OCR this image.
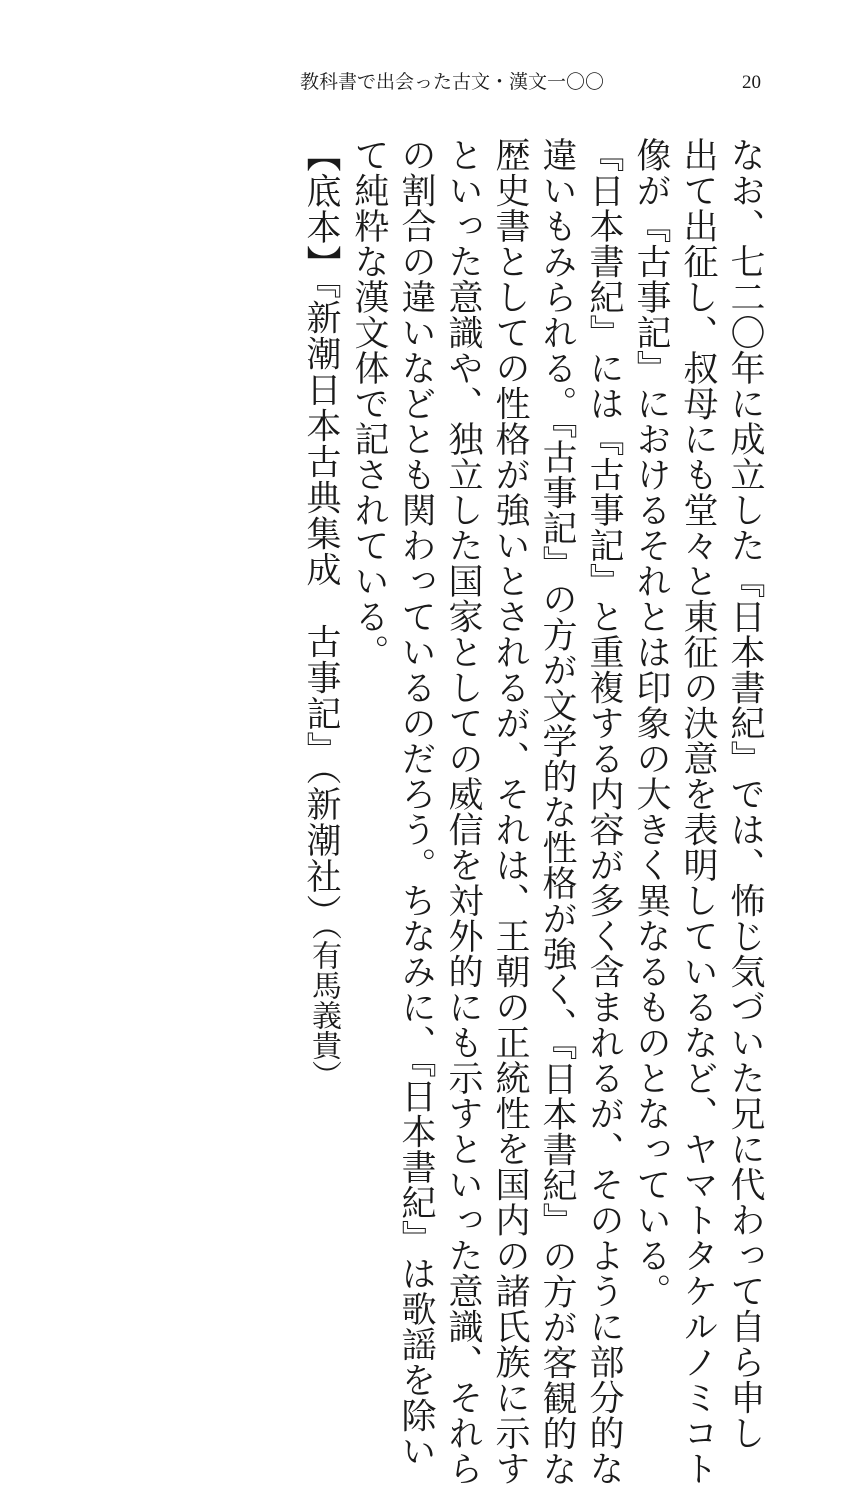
教科書で出会った古文・漢文一〇〇	20
なお、七二〇年に成立した『日本書紀』では、怖じ気づいた兄に代わって自ら申し
出て出征し、叔母にも堂々と東征の決意を表明しているなど、ヤマトタケルノミコト
像が『古事記』におけるそれとは印象の大きく異なるものとなっている。
『日本書紀』には『古事記』と重複する内容が多く含まれるが、そのように部分的な
違いもみられる。『古事記』の方が文学的な性格が強く、『日本書紀』の方が客観的な
歴史書としての性格が強いとされるが、それは、王朝の正統性を国内の諸氏族に示す
といった意識や、独立した国家としての威信を対外的にも示すといった意識、それら
の割合の違いなどとも関わっているのだろう。ちなみに、『日本書紀』は歌謡を除い
て純粋な漢文体で記されている。
【底本】『新潮日本古典集成　古事記』（新潮社）
（有馬義貴）
